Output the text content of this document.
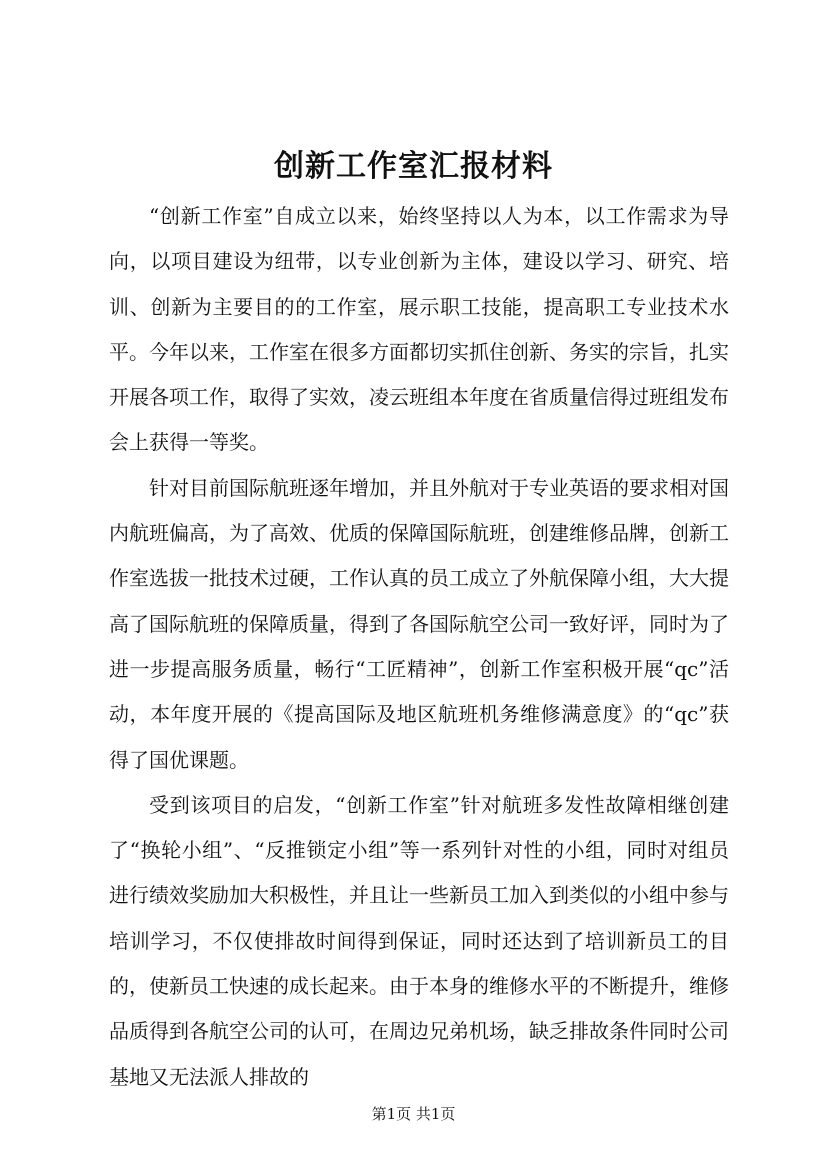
创新工作室汇报材料

“创新工作室”自成立以来，始终坚持以人为本，以工作需求为导向，以项目建设为纽带，以专业创新为主体，建设以学习、研究、培训、创新为主要目的的工作室，展示职工技能，提高职工专业技术水平。今年以来，工作室在很多方面都切实抓住创新、务实的宗旨，扎实开展各项工作，取得了实效，凌云班组本年度在省质量信得过班组发布会上获得一等奖。

针对目前国际航班逐年增加，并且外航对于专业英语的要求相对国内航班偏高，为了高效、优质的保障国际航班，创建维修品牌，创新工作室选拔一批技术过硬，工作认真的员工成立了外航保障小组，大大提高了国际航班的保障质量，得到了各国际航空公司一致好评，同时为了进一步提高服务质量，畅行“工匠精神”，创新工作室积极开展“qc”活动，本年度开展的《提高国际及地区航班机务维修满意度》的“qc”获得了国优课题。

受到该项目的启发，“创新工作室”针对航班多发性故障相继创建了“换轮小组”、“反推锁定小组”等一系列针对性的小组，同时对组员进行绩效奖励加大积极性，并且让一些新员工加入到类似的小组中参与培训学习，不仅使排故时间得到保证，同时还达到了培训新员工的目的，使新员工快速的成长起来。由于本身的维修水平的不断提升，维修品质得到各航空公司的认可，在周边兄弟机场，缺乏排故条件同时公司基地又无法派人排故的

第1页 共1页
